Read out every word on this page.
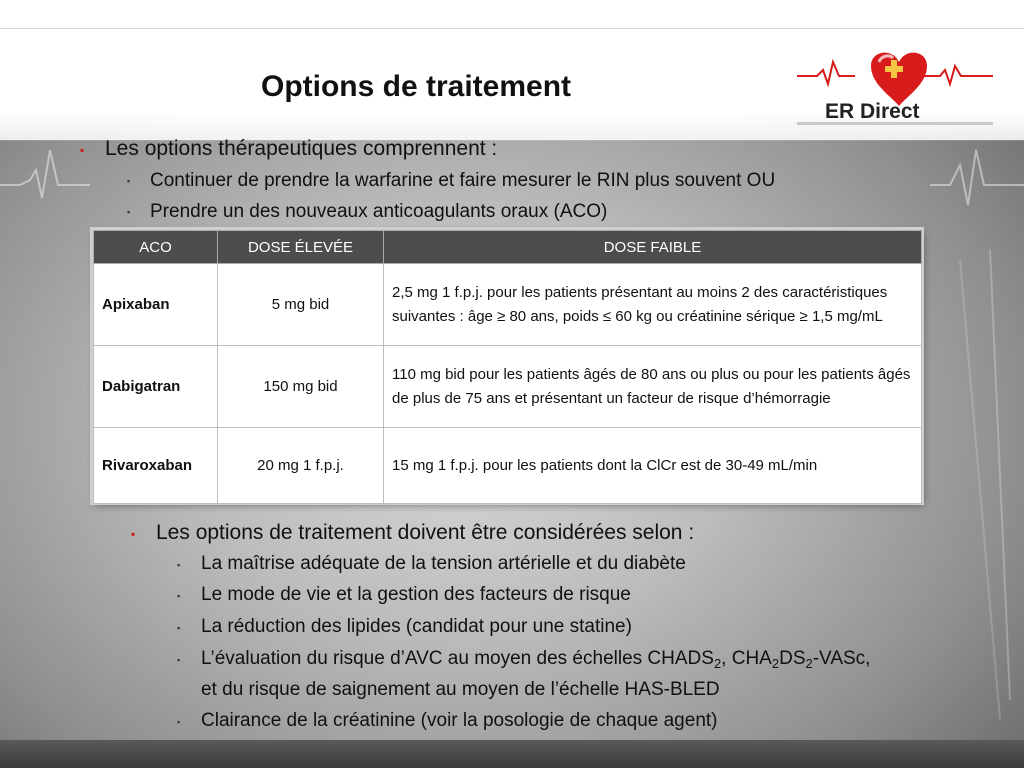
Options de traitement
ER Direct
▪ Les options thérapeutiques comprennent :
▪ Continuer de prendre la warfarine et faire mesurer le RIN plus souvent OU
▪ Prendre un des nouveaux anticoagulants oraux (ACO)
ACO	DOSE ÉLEVÉE	DOSE FAIBLE
Apixaban	5 mg bid	2,5 mg 1 f.p.j. pour les patients présentant au moins 2 des caractéristiques suivantes : âge ≥ 80 ans, poids ≤ 60 kg ou créatinine sérique ≥ 1,5 mg/mL
Dabigatran	150 mg bid	110 mg bid pour les patients âgés de 80 ans ou plus ou pour les patients âgés de plus de 75 ans et présentant un facteur de risque d’hémorragie
Rivaroxaban	20 mg 1 f.p.j.	15 mg 1 f.p.j. pour les patients dont la ClCr est de 30-49 mL/min
▪ Les options de traitement doivent être considérées selon :
▪ La maîtrise adéquate de la tension artérielle et du diabète
▪ Le mode de vie et la gestion des facteurs de risque
▪ La réduction des lipides (candidat pour une statine)
▪ L’évaluation du risque d’AVC au moyen des échelles $CHADS_2$, $CHA_2DS_2$-VASc,
et du risque de saignement au moyen de l’échelle HAS-BLED
▪ Clairance de la créatinine (voir la posologie de chaque agent)
